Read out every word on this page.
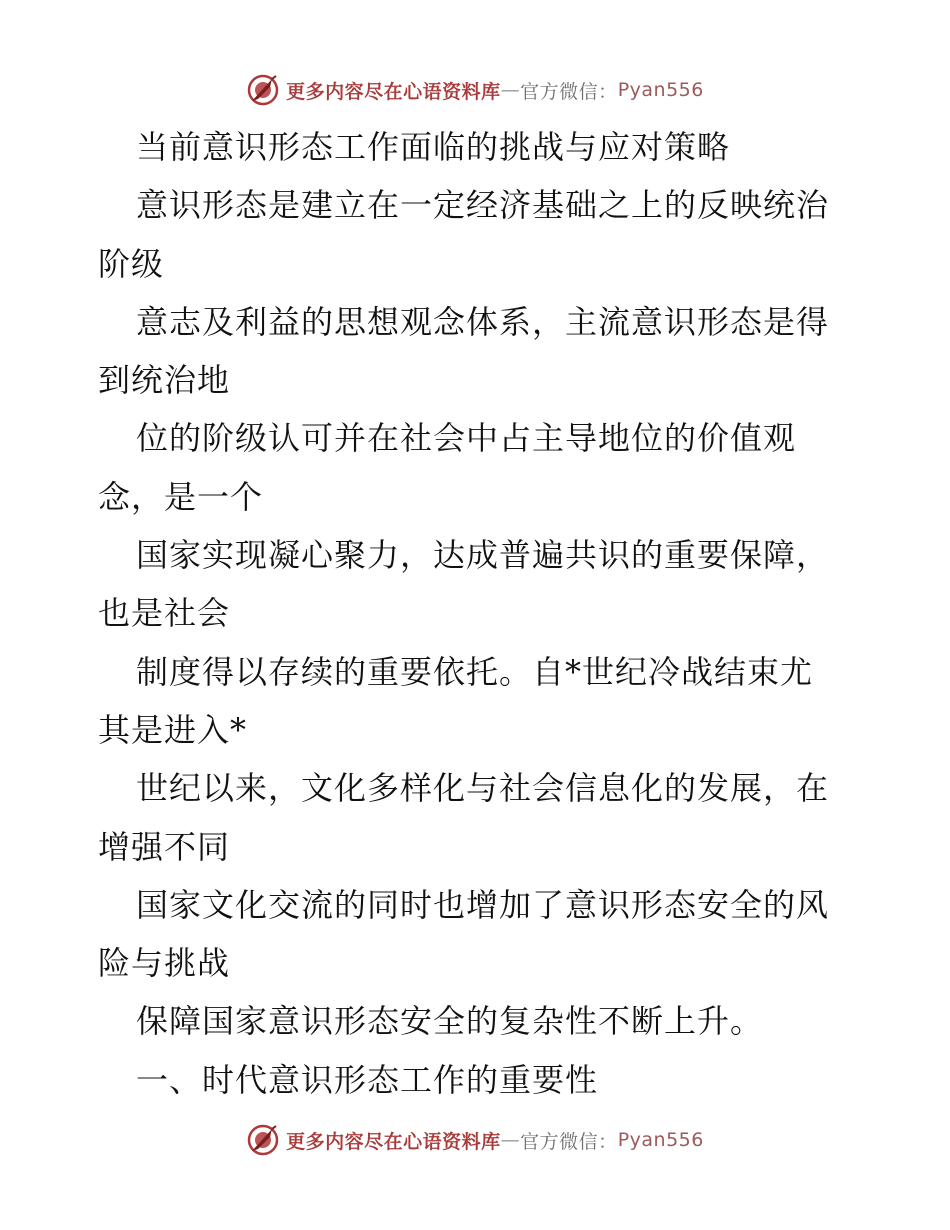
更多内容尽在心语资料库 — 官方微信： Pyan556
当前意识形态工作面临的挑战与应对策略
意识形态是建立在一定经济基础之上的反映统治
阶级
意志及利益的思想观念体系，主流意识形态是得
到统治地
位的阶级认可并在社会中占主导地位的价值观
念，是一个
国家实现凝心聚力，达成普遍共识的重要保障，
也是社会
制度得以存续的重要依托。自*世纪冷战结束尤
其是进入*
世纪以来，文化多样化与社会信息化的发展，在
增强不同
国家文化交流的同时也增加了意识形态安全的风
险与挑战
保障国家意识形态安全的复杂性不断上升。
一、时代意识形态工作的重要性
更多内容尽在心语资料库 — 官方微信： Pyan556
